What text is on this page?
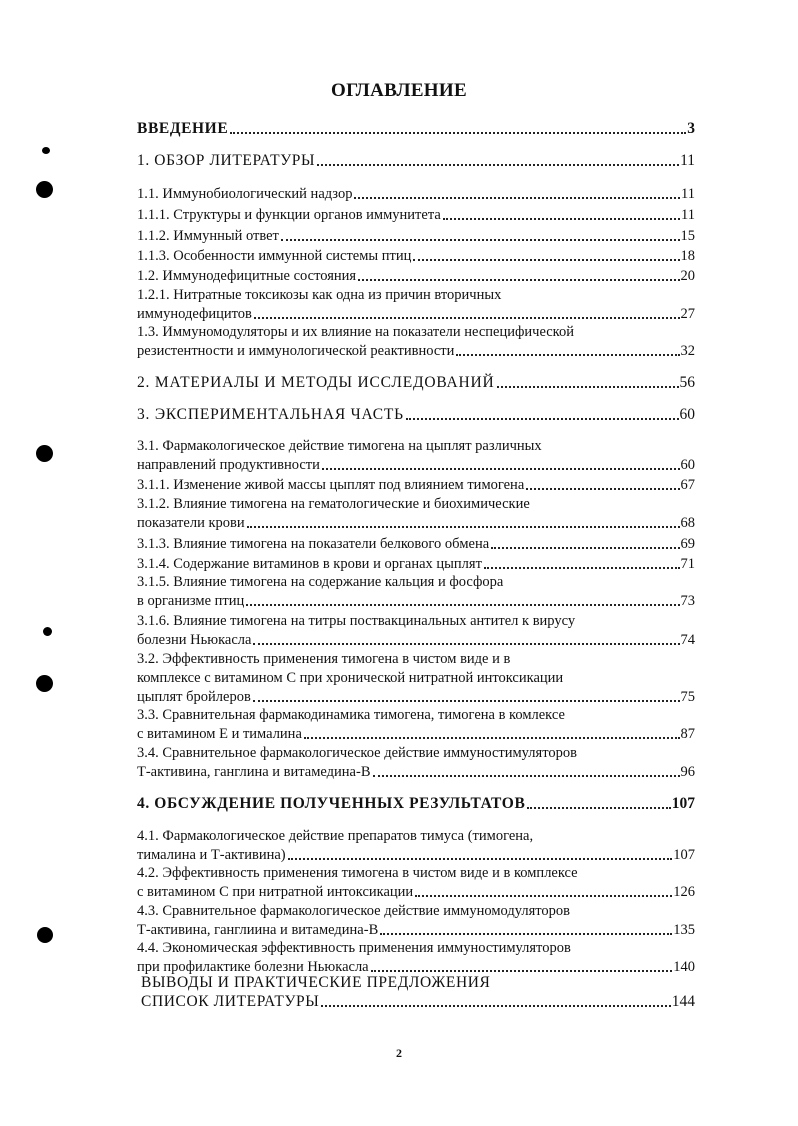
ОГЛАВЛЕНИЕ
ВВЕДЕНИЕ	3
1. ОБЗОР ЛИТЕРАТУРЫ	11
1.1. Иммунобиологический надзор	11
1.1.1. Структуры и функции органов иммунитета	11
1.1.2. Иммунный ответ	15
1.1.3. Особенности иммунной системы птиц	18
1.2. Иммунодефицитные состояния	20
1.2.1. Нитратные токсикозы как одна из причин вторичных
иммунодефицитов	27
1.3. Иммуномодуляторы и их влияние на показатели неспецифической
резистентности и иммунологической реактивности	32
2. МАТЕРИАЛЫ И МЕТОДЫ ИССЛЕДОВАНИЙ	56
3. ЭКСПЕРИМЕНТАЛЬНАЯ ЧАСТЬ	60
3.1. Фармакологическое действие тимогена на цыплят различных
направлений продуктивности	60
3.1.1. Изменение живой массы цыплят под влиянием тимогена	67
3.1.2. Влияние тимогена на гематологические и биохимические
показатели крови	68
3.1.3. Влияние тимогена на показатели белкового обмена	69
3.1.4. Содержание витаминов в крови и органах цыплят	71
3.1.5. Влияние тимогена на содержание кальция и фосфора
в организме птиц	73
3.1.6. Влияние тимогена на титры поствакцинальных антител к вирусу
болезни Ньюкасла	74
3.2. Эффективность применения тимогена в чистом виде и в
комплексе с витамином С при хронической нитратной интоксикации
цыплят бройлеров	75
3.3. Сравнительная фармакодинамика тимогена, тимогена в комлексе
с витамином Е и тималина	87
3.4. Сравнительное фармакологическое действие иммуностимуляторов
Т-активина, ганглина и витамедина-В	96
4. ОБСУЖДЕНИЕ ПОЛУЧЕННЫХ РЕЗУЛЬТАТОВ	107
4.1. Фармакологическое действие препаратов тимуса (тимогена,
тималина и Т-активина)	107
4.2. Эффективность применения тимогена в чистом виде и в комплексе
с витамином С при нитратной интоксикации	126
4.3. Сравнительное фармакологическое действие иммуномодуляторов
Т-активина, ганглиина и витамедина-В	135
4.4. Экономическая эффективность применения иммуностимуляторов
при профилактике болезни Ньюкасла	140
ВЫВОДЫ И ПРАКТИЧЕСКИЕ ПРЕДЛОЖЕНИЯ
СПИСОК ЛИТЕРАТУРЫ	144
2
